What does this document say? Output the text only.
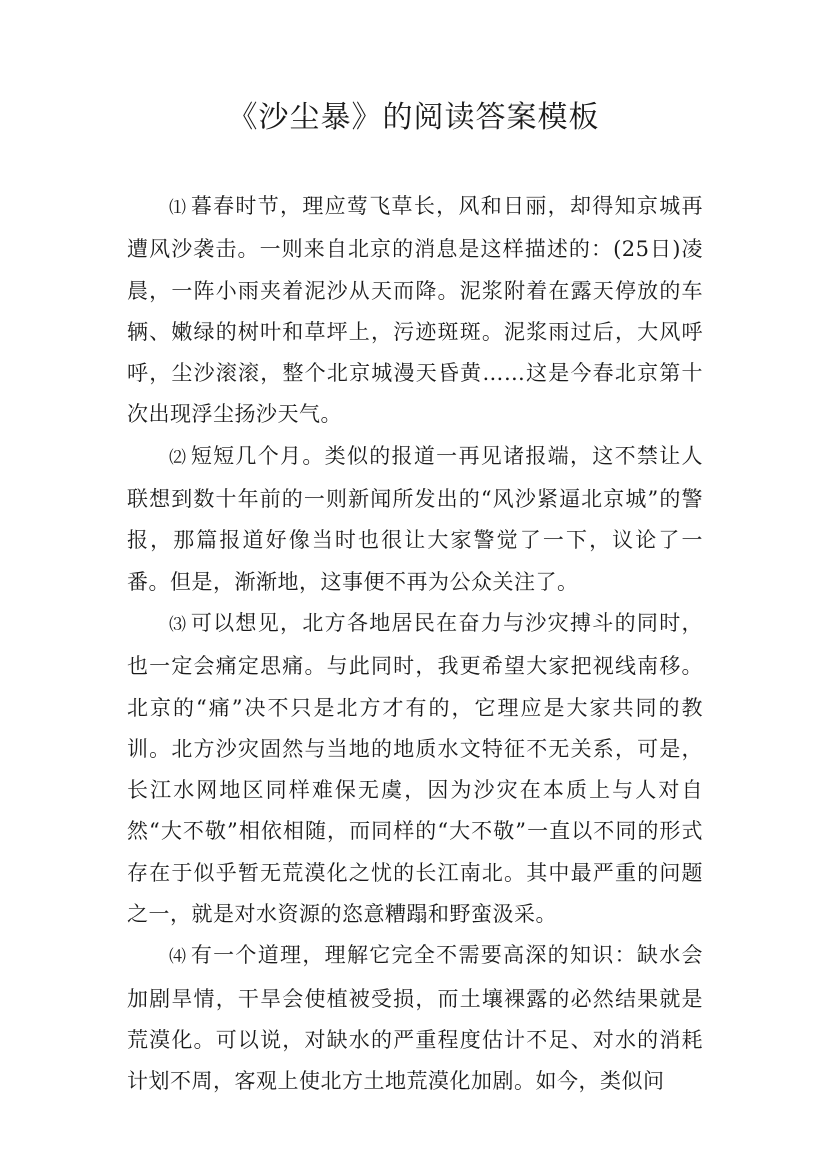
《沙尘暴》的阅读答案模板

⑴ 暮春时节，理应莺飞草长，风和日丽，却得知京城再遭风沙袭击。一则来自北京的消息是这样描述的：(25日)凌晨，一阵小雨夹着泥沙从天而降。泥浆附着在露天停放的车辆、嫩绿的树叶和草坪上，污迹斑斑。泥浆雨过后，大风呼呼，尘沙滚滚，整个北京城漫天昏黄……这是今春北京第十次出现浮尘扬沙天气。

⑵ 短短几个月。类似的报道一再见诸报端，这不禁让人联想到数十年前的一则新闻所发出的“风沙紧逼北京城”的警报，那篇报道好像当时也很让大家警觉了一下，议论了一番。但是，渐渐地，这事便不再为公众关注了。

⑶ 可以想见，北方各地居民在奋力与沙灾搏斗的同时，也一定会痛定思痛。与此同时，我更希望大家把视线南移。北京的“痛”决不只是北方才有的，它理应是大家共同的教训。北方沙灾固然与当地的地质水文特征不无关系，可是，长江水网地区同样难保无虞，因为沙灾在本质上与人对自然“大不敬”相依相随，而同样的“大不敬”一直以不同的形式存在于似乎暂无荒漠化之忧的长江南北。其中最严重的问题之一，就是对水资源的恣意糟蹋和野蛮汲采。

⑷ 有一个道理，理解它完全不需要高深的知识：缺水会加剧旱情，干旱会使植被受损，而土壤裸露的必然结果就是荒漠化。可以说，对缺水的严重程度估计不足、对水的消耗计划不周，客观上使北方土地荒漠化加剧。如今，类似问
